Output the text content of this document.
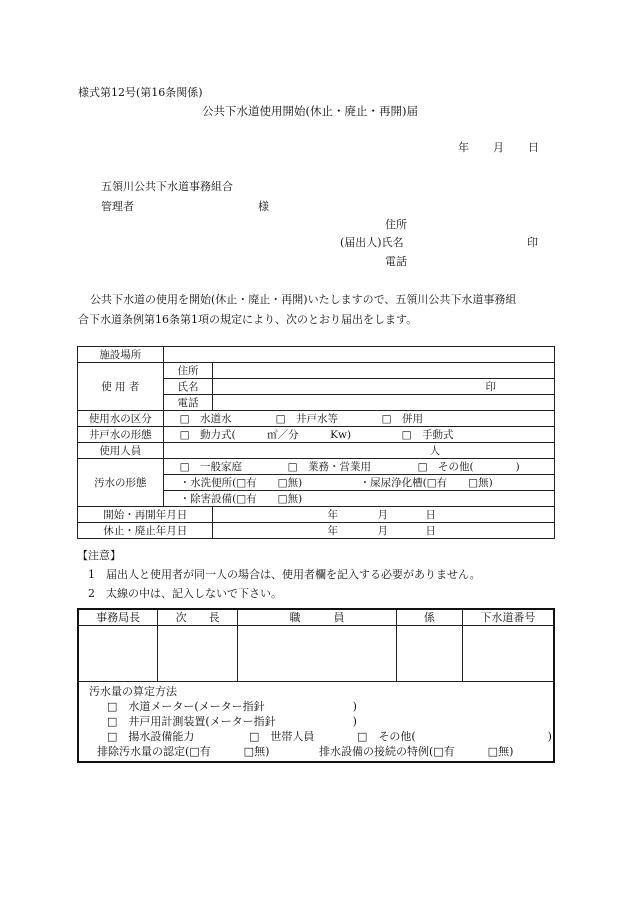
様式第12号(第16条関係)
公共下水道使用開始(休止・廃止・再開)届
年 月 日
五領川公共下水道事務組合
管理者	様
住所
(届出人)氏名	印
電話
公共下水道の使用を開始(休止・廃止・再開)いたしますので、五領川公共下水道事務組
合下水道条例第16条第1項の規定により、次のとおり届出をします。
施設場所		
使 用 者	住所	
	氏名	印
	電話	
使用水の区分	□　水道水 □　井戸水等 □　併用	
井戸水の形態	□　動力式(　　　㎥／分　　　Kw) □　手動式	
使用人員	人	
汚水の形態	□　一般家庭 □　業務・営業用 □　その他(　　　　)	
	・水洗便所(□有　　□無) ・屎尿浄化槽(□有　　□無)	
	・除害設備(□有　　□無)	
開始・再開年月日		年 月 日
休止・廃止年月日		年 月 日
【注意】
1　届出人と使用者が同一人の場合は、使用者欄を記入する必要がありません。
2　太線の中は、記入しないで下さい。
事務局長	次　　長	職　　　員	係	下水道番号

汚水量の算定方法
□　水道メーター(メーター指針　　　　　　　　)
□　井戸用計測装置(メーター指針　　　　　　　)
□　揚水設備能力 □　世帯人員 □　その他(　　　　　　　　　　　　)
排除汚水量の認定(□有　　　□無) 排水設備の接続の特例(□有　　　□無)				
